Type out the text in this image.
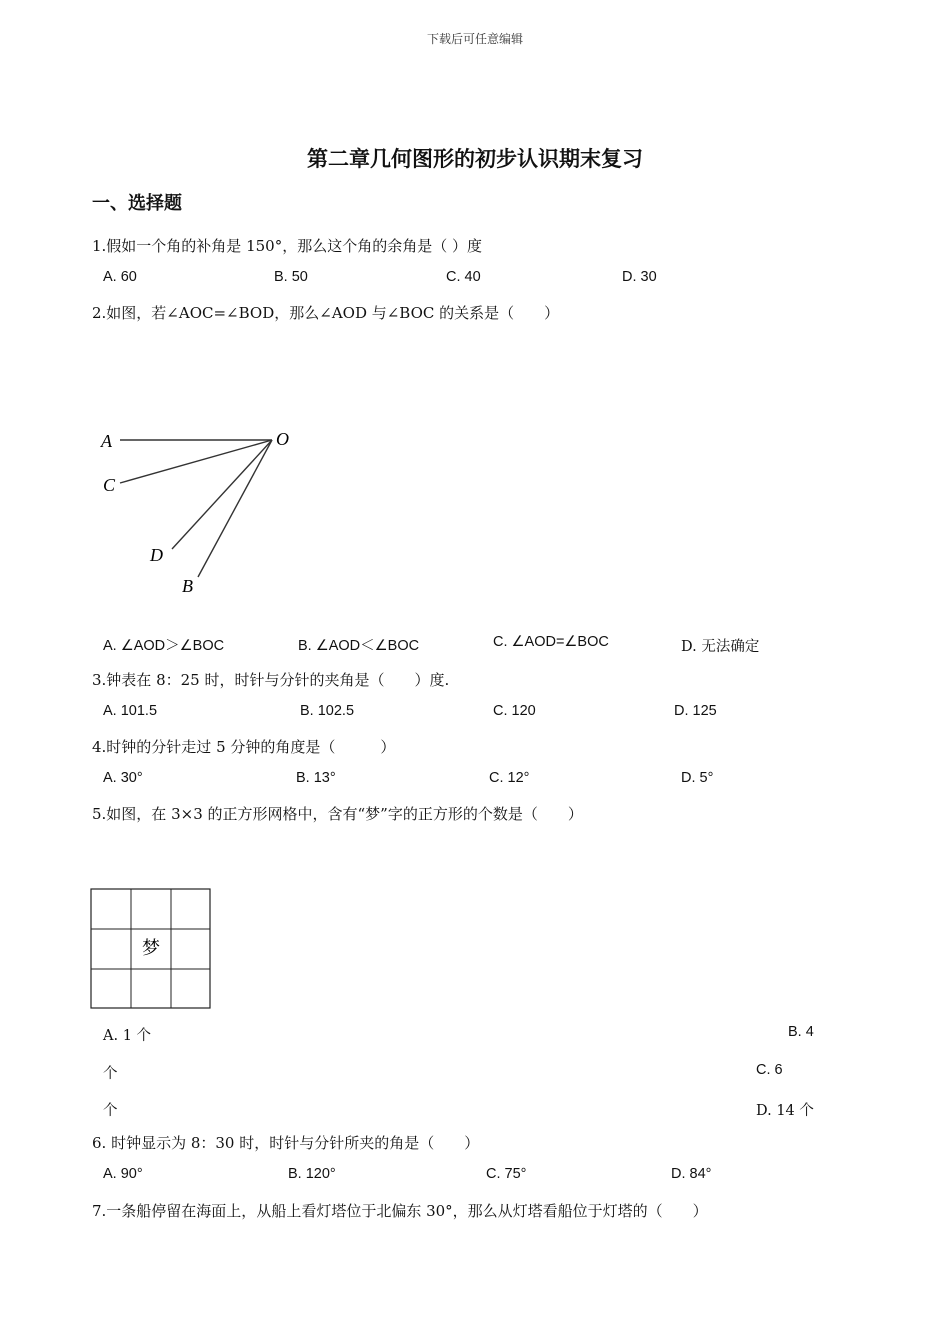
下载后可任意编辑
第二章几何图形的初步认识期末复习
一、选择题
1.假如一个角的补角是 150°，那么这个角的余角是（ ）度
A. 60	B. 50	C. 40	D. 30
2.如图，若∠AOC=∠BOD，那么∠AOD 与∠BOC 的关系是（　　）
A	O
C
D
B
A. ∠AOD＞∠BOC	B. ∠AOD＜∠BOC	C. ∠AOD=∠BOC	D. 无法确定
3.钟表在 8：25 时，时针与分针的夹角是（　　）度.
A. 101.5	B. 102.5	C. 120	D. 125
4.时钟的分针走过 5 分钟的角度是（　　　）
A. 30°	B. 13°	C. 12°	D. 5°
5.如图，在 3×3 的正方形网格中，含有“梦”字的正方形的个数是（　　）
梦
A. 1 个	B. 4
个	C. 6
个	D. 14 个
6. 时钟显示为 8：30 时，时针与分针所夹的角是（　　）
A. 90°	B. 120°	C. 75°	D. 84°
7.一条船停留在海面上，从船上看灯塔位于北偏东 30°，那么从灯塔看船位于灯塔的（　　）
